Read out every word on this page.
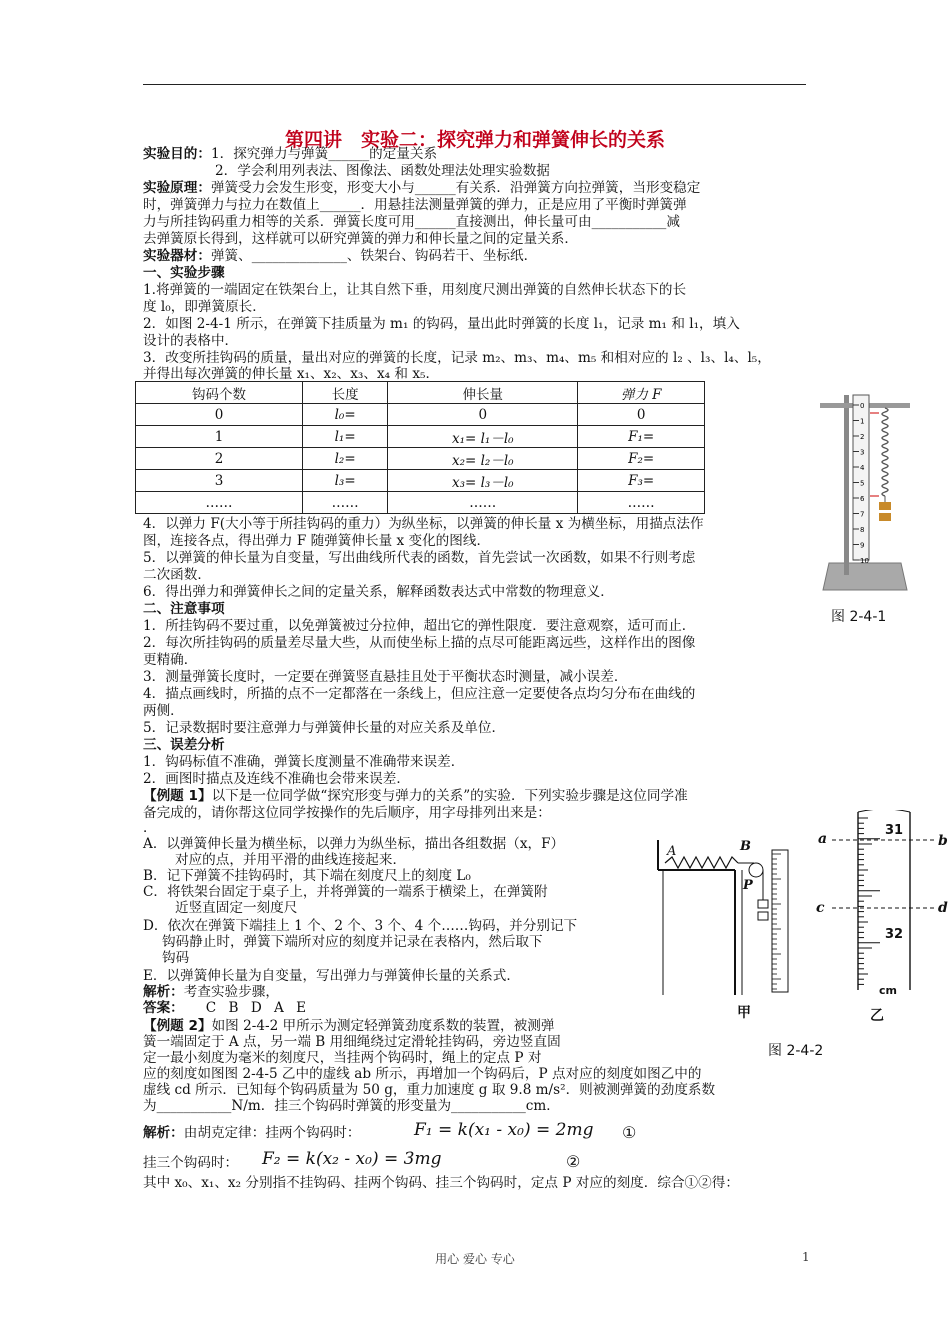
第四讲　实验二：探究弹力和弹簧伸长的关系
实验目的：1．探究弹力与弹簧______的定量关系
2．学会利用列表法、图像法、函数处理法处理实验数据
实验原理：弹簧受力会发生形变，形变大小与______有关系．沿弹簧方向拉弹簧，当形变稳定
时，弹簧弹力与拉力在数值上______．用悬挂法测量弹簧的弹力，正是应用了平衡时弹簧弹
力与所挂钩码重力相等的关系．弹簧长度可用______直接测出，伸长量可由___________减
去弹簧原长得到，这样就可以研究弹簧的弹力和伸长量之间的定量关系．
实验器材：弹簧、______________、铁架台、钩码若干、坐标纸．
一、实验步骤
1.将弹簧的一端固定在铁架台上，让其自然下垂，用刻度尺测出弹簧的自然伸长状态下的长
度 l₀，即弹簧原长．
2．如图 2-4-1 所示，在弹簧下挂质量为 m₁ 的钩码，量出此时弹簧的长度 l₁，记录 m₁ 和 l₁，填入
设计的表格中．
3．改变所挂钩码的质量，量出对应的弹簧的长度，记录 m₂、m₃、m₄、m₅ 和相对应的 l₂ 、l₃、l₄、l₅，
并得出每次弹簧的伸长量 x₁、x₂、x₃、x₄ 和 x₅．
钩码个数	长度	伸长量	弹力 F
0	l₀=	0	0
1	l₁=	x₁= l₁－l₀	F₁=
2	l₂=	x₂= l₂－l₀	F₂=
3	l₃=	x₃= l₃－l₀	F₃=
……	……	……	……
4．以弹力 F(大小等于所挂钩码的重力）为纵坐标，以弹簧的伸长量 x 为横坐标，用描点法作
图，连接各点，得出弹力 F 随弹簧伸长量 x 变化的图线．
5．以弹簧的伸长量为自变量，写出曲线所代表的函数，首先尝试一次函数，如果不行则考虑
二次函数．
6．得出弹力和弹簧伸长之间的定量关系，解释函数表达式中常数的物理意义．
二、注意事项
1．所挂钩码不要过重，以免弹簧被过分拉伸，超出它的弹性限度．要注意观察，适可而止．
2．每次所挂钩码的质量差尽量大些，从而使坐标上描的点尽可能距离远些，这样作出的图像
更精确．
3．测量弹簧长度时，一定要在弹簧竖直悬挂且处于平衡状态时测量，减小误差．
4．描点画线时，所描的点不一定都落在一条线上，但应注意一定要使各点均匀分布在曲线的
两侧．
5．记录数据时要注意弹力与弹簧伸长量的对应关系及单位．
三、误差分析
1．钩码标值不准确，弹簧长度测量不准确带来误差．
2．画图时描点及连线不准确也会带来误差．
【例题 1】以下是一位同学做“探究形变与弹力的关系”的实验．下列实验步骤是这位同学准
备完成的，请你帮这位同学按操作的先后顺序，用字母排列出来是：
．
A．以弹簧伸长量为横坐标，以弹力为纵坐标，描出各组数据（x，F）
对应的点，并用平滑的曲线连接起来．
B．记下弹簧不挂钩码时，其下端在刻度尺上的刻度 L₀
C．将铁架台固定于桌子上，并将弹簧的一端系于横梁上，在弹簧附
近竖直固定一刻度尺
D．依次在弹簧下端挂上 1 个、2 个、3 个、4 个……钩码，并分别记下
钩码静止时，弹簧下端所对应的刻度并记录在表格内，然后取下
钩码
E．以弹簧伸长量为自变量，写出弹力与弹簧伸长量的关系式．
解析：考查实验步骤，
答案： C B D A E
【例题 2】如图 2-4-2 甲所示为测定轻弹簧劲度系数的装置，被测弹
簧一端固定于 A 点，另一端 B 用细绳绕过定滑轮挂钩码，旁边竖直固
定一最小刻度为毫米的刻度尺，当挂两个钩码时，绳上的定点 P 对
应的刻度如图图 2-4-5 乙中的虚线 ab 所示，再增加一个钩码后，P 点对应的刻度如图乙中的
虚线 cd 所示．已知每个钩码质量为 50 g，重力加速度 g 取 9.8 m/s²．则被测弹簧的劲度系数
为___________N/m．挂三个钩码时弹簧的形变量为___________cm．
解析：由胡克定律：挂两个钩码时：	F₁ = k(x₁ - x₀) = 2mg ①
挂三个钩码时：	F₂ = k(x₂ - x₀) = 3mg	②
其中 x₀、x₁、x₂ 分别指不挂钩码、挂两个钩码、挂三个钩码时，定点 P 对应的刻度．综合①②得：
0
1
2
3
4
5
6
7
8
9
10
图 2-4-1
A	B
P
甲
a	b
c	d
31
32
cm
乙
图 2-4-2
用心 爱心 专心	1
